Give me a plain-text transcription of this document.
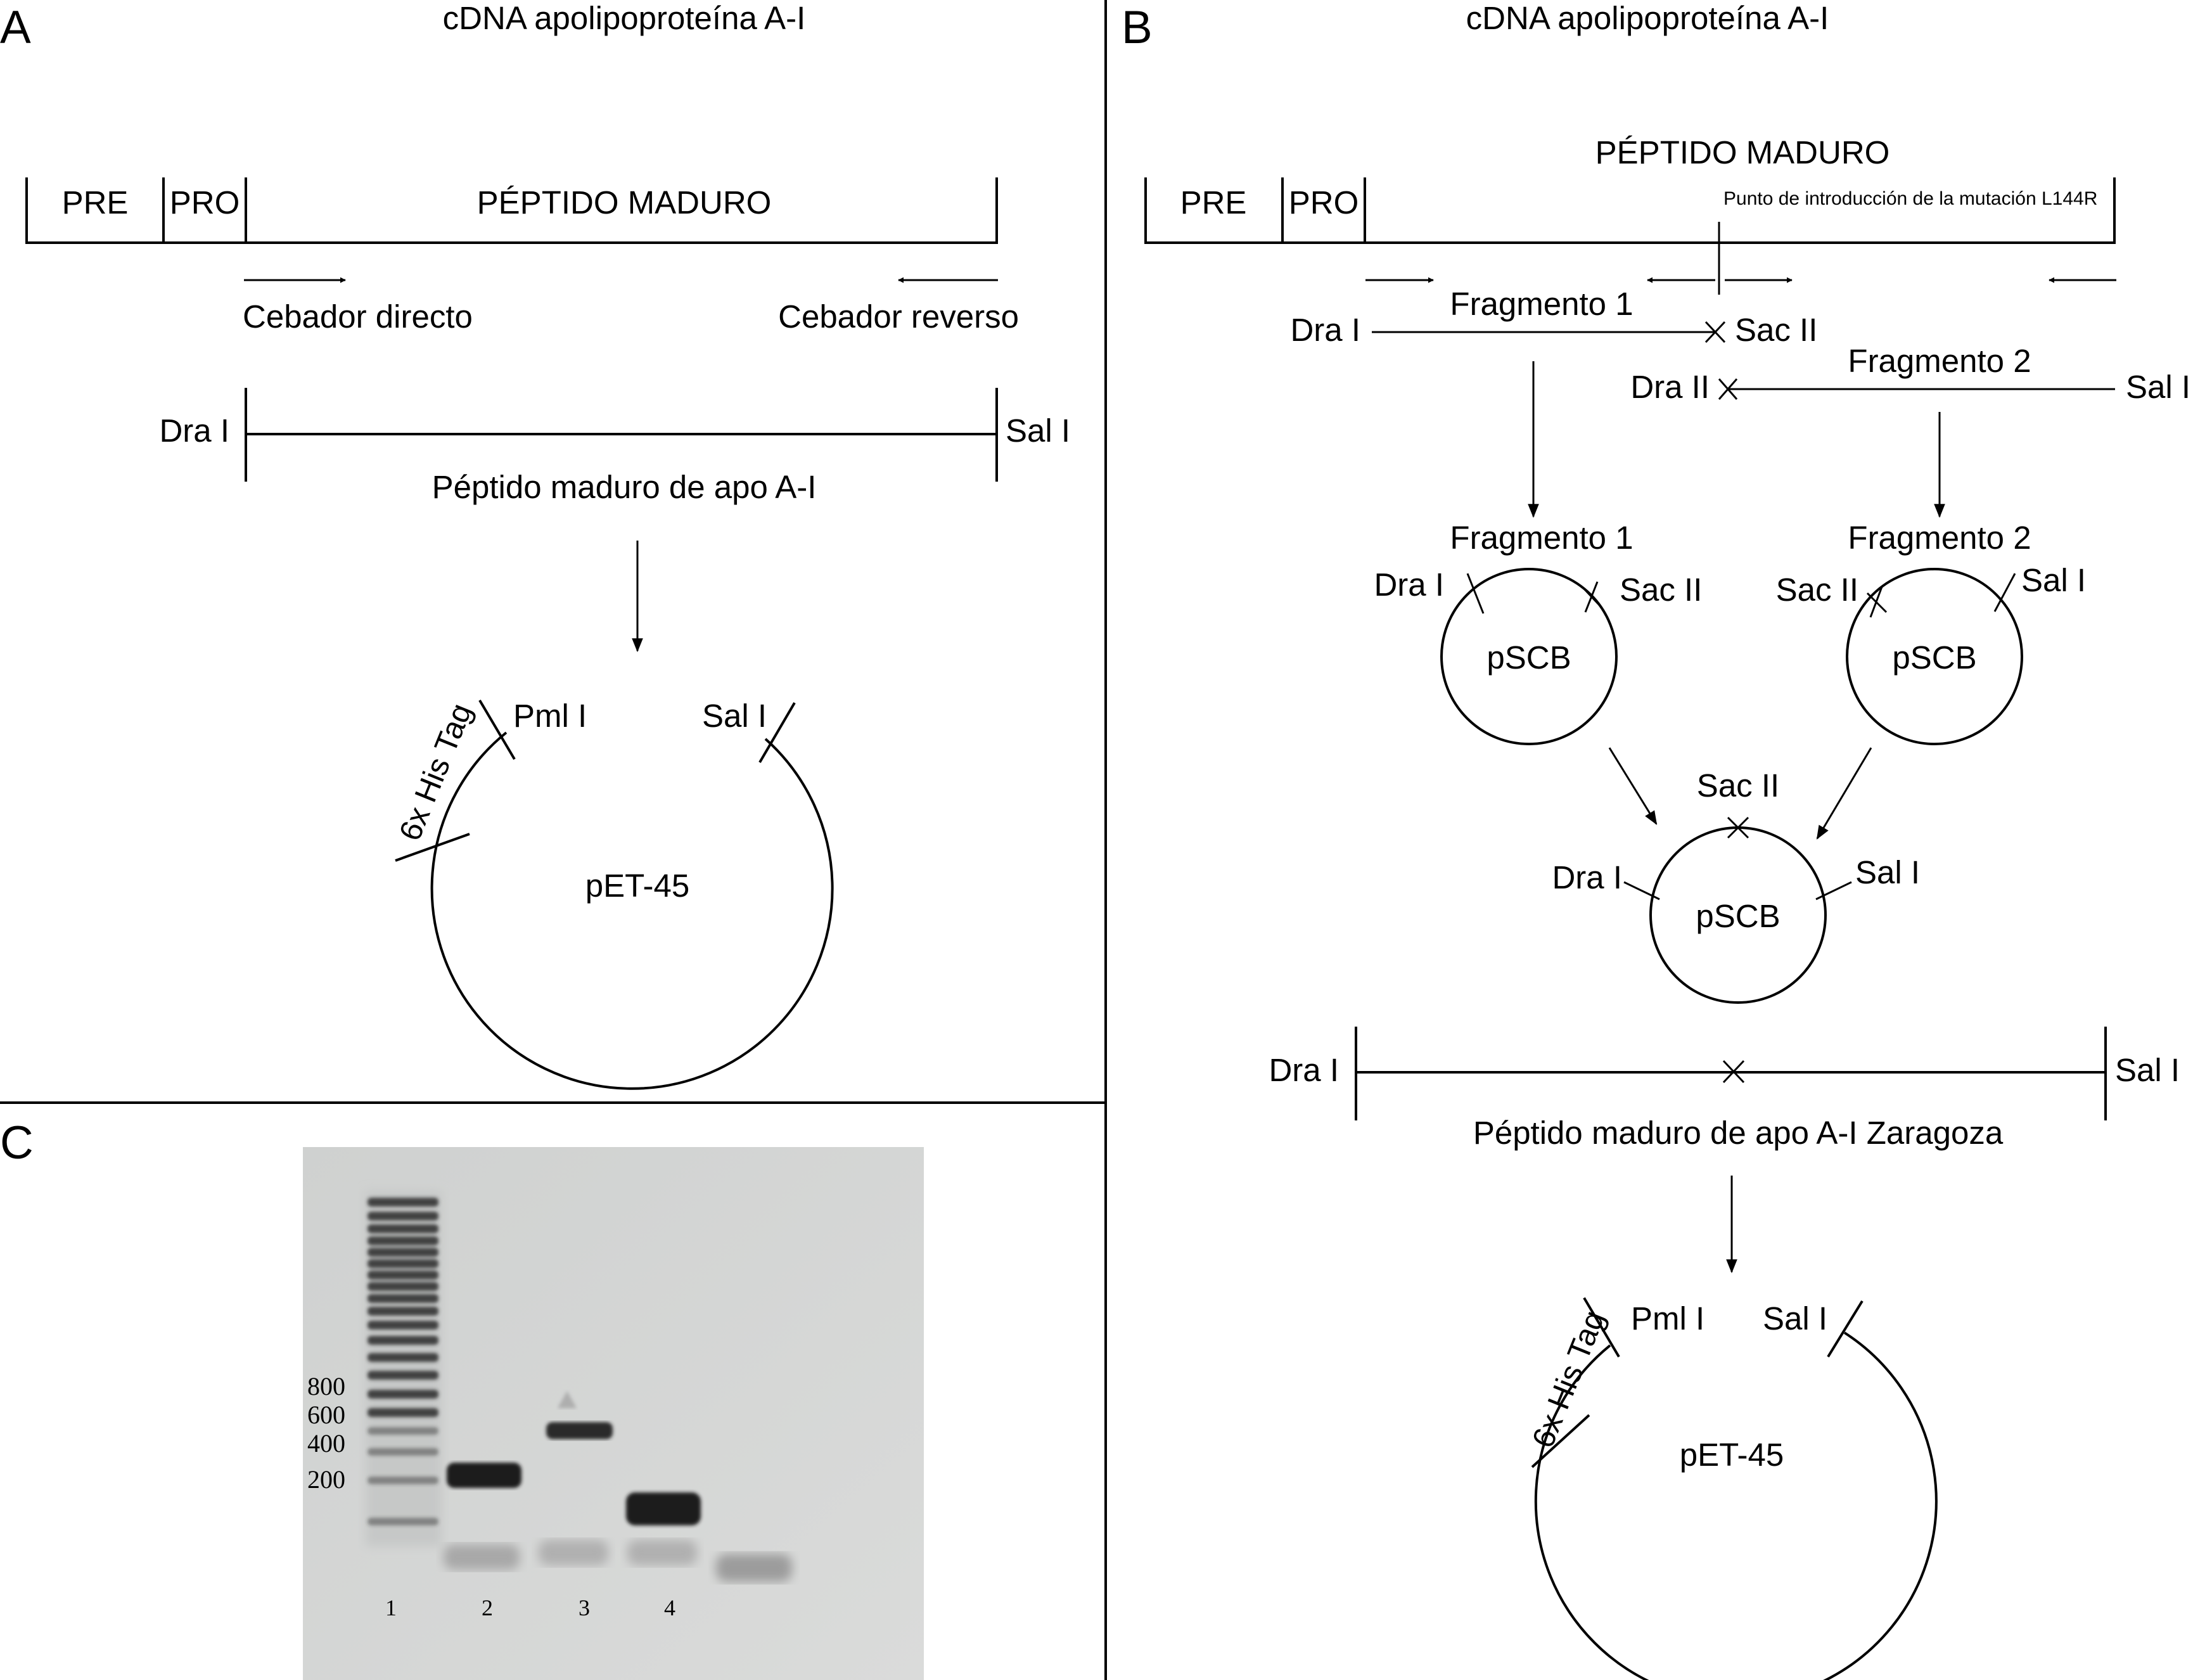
A	cDNA apolipoproteína A-I
PRE PRO	PÉPTIDO MADURO
Cebador directo	Cebador reverso
Dra I	Sal I
Péptido maduro de apo A-I
pET-45
Pml I	Sal I
6x His Tag
B	cDNA apolipoproteína A-I
PÉPTIDO MADURO
PRE PRO	Punto de introducción de la mutación L144R
Fragmento 1
Dra I	Sac II
Fragmento 2
Dra II	Sal I
Fragmento 1
pSCB
Dra I	Sac II
Fragmento 2
pSCB
Sac II	Sal I
Sac II
pSCB
Dra I	Sal I
Dra I	Sal I
Péptido maduro de apo A-I Zaragoza
pET-45
Pml I Sal I
6x His Tag
C
800
600
400
200
1	2	3	4
